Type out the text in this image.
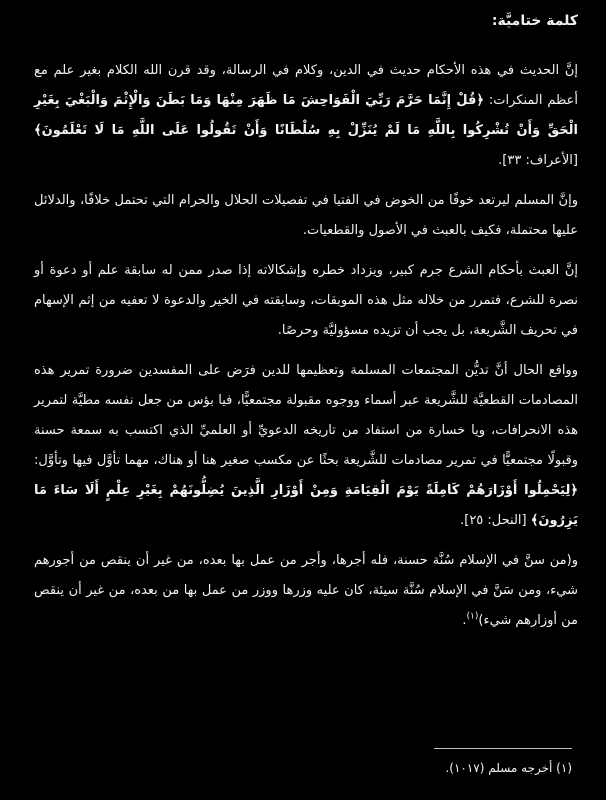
كلمة ختاميَّة:

إنَّ الحديث في هذه الأحكام حديث في الدين، وكلام في الرسالة، وقد قرن الله الكلام بغير علم مع أعظم المنكرات: ﴿قُلْ إِنَّمَا حَرَّمَ رَبِّيَ الْفَوَاحِشَ مَا ظَهَرَ مِنْهَا وَمَا بَطَنَ وَالْإِثْمَ وَالْبَغْيَ بِغَيْرِ الْحَقِّ وَأَنْ تُشْرِكُوا بِاللَّهِ مَا لَمْ يُنَزِّلْ بِهِ سُلْطَانًا وَأَنْ تَقُولُوا عَلَى اللَّهِ مَا لَا تَعْلَمُونَ﴾ [الأعراف: ٣٣].

وإنَّ المسلم ليرتعد خوفًا من الخوض في الفتيا في تفصيلات الحلال والحرام التي تحتمل خلافًا، والدلائل عليها محتملة، فكيف بالعبث في الأصول والقطعيات.

إنَّ العبث بأحكام الشرع جرم كبير، ويزداد خطره وإشكالاته إذا صدر ممن له سابقة علم أو دعوة أو نصرة للشرع، فتمرر من خلاله مثل هذه الموبقات، وسابقته في الخير والدعوة لا تعفيه من إثم الإسهام في تحريف الشَّريعة، بل يجب أن تزيده مسؤوليَّة وحرصًا.

وواقع الحال أنَّ تديُّن المجتمعات المسلمة وتعظيمها للدين فرَض على المفسدين ضرورة تمرير هذه المصادمات القطعيَّة للشَّريعة عبر أسماء ووجوه مقبولة مجتمعيًّا، فيا بؤس من جعل نفسه مطيَّة لتمرير هذه الانحرافات، ويا خسارة من استفاد من تاريخه الدعويِّ أو العلميِّ الذي اكتسب به سمعة حسنة وقبولًا مجتمعيًّا في تمرير مصادمات للشَّريعة بحثًا عن مكسب صغير هنا أو هناك، مهما تأوَّل فيها وتأوَّل: ﴿لِيَحْمِلُوا أَوْزَارَهُمْ كَامِلَةً يَوْمَ الْقِيَامَةِ وَمِنْ أَوْزَارِ الَّذِينَ يُضِلُّونَهُمْ بِغَيْرِ عِلْمٍ أَلَا سَاءَ مَا يَزِرُونَ﴾ [النحل: ٢٥].

و(من سنَّ في الإسلام سُنَّة حسنة، فله أجرها، وأجر من عمل بها بعده، من غير أن ينقص من أجورهم شيء، ومن سَنَّ في الإسلام سُنَّة سيئة، كان عليه وزرها ووزر من عمل بها من بعده، من غير أن ينقص من أوزارهم شيء)$^{(١)}$.

(١) أخرجه مسلم (١٠١٧).
